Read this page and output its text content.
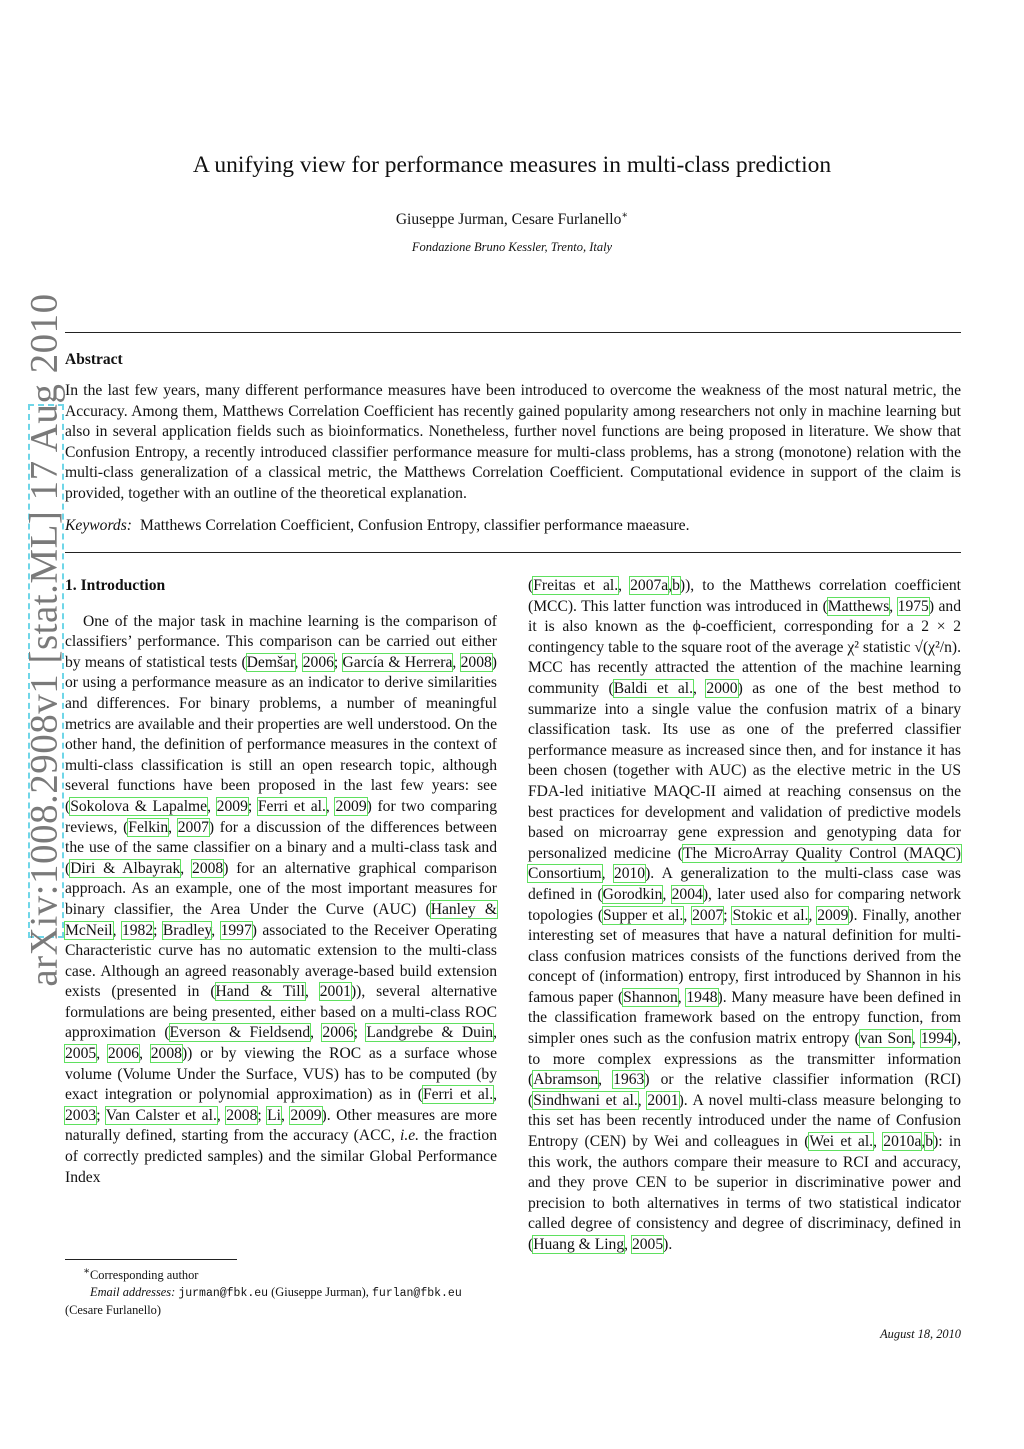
arXiv:1008.2908v1 [stat.ML] 17 Aug 2010
A unifying view for performance measures in multi-class prediction
Giuseppe Jurman, Cesare Furlanello∗
Fondazione Bruno Kessler, Trento, Italy
Abstract
In the last few years, many different performance measures have been introduced to overcome the weakness of the most natural metric, the Accuracy. Among them, Matthews Correlation Coefficient has recently gained popularity among researchers not only in machine learning but also in several application fields such as bioinformatics. Nonetheless, further novel functions are being proposed in literature. We show that Confusion Entropy, a recently introduced classifier performance measure for multi-class problems, has a strong (monotone) relation with the multi-class generalization of a classical metric, the Matthews Correlation Coefficient. Computational evidence in support of the claim is provided, together with an outline of the theoretical explanation.
Keywords: Matthews Correlation Coefficient, Confusion Entropy, classifier performance maeasure.
1. Introduction

One of the major task in machine learning is the comparison of classifiers’ performance. This comparison can be carried out either by means of statistical tests (Demšar, 2006; García & Herrera, 2008) or using a performance measure as an indicator to derive similarities and differences. For binary problems, a number of meaningful metrics are available and their properties are well understood. On the other hand, the definition of performance measures in the context of multi-class classification is still an open research topic, although several functions have been proposed in the last few years: see (Sokolova & Lapalme, 2009; Ferri et al., 2009) for two comparing reviews, (Felkin, 2007) for a discussion of the differences between the use of the same classifier on a binary and a multi-class task and (Diri & Albayrak, 2008) for an alternative graphical comparison approach. As an example, one of the most important measures for binary classifier, the Area Under the Curve (AUC) (Hanley & McNeil, 1982; Bradley, 1997) associated to the Receiver Operating Characteristic curve has no automatic extension to the multi-class case. Although an agreed reasonably average-based build extension exists (presented in (Hand & Till, 2001)), several alternative formulations are being presented, either based on a multi-class ROC approximation (Everson & Fieldsend, 2006; Landgrebe & Duin, 2005, 2006, 2008)) or by viewing the ROC as a surface whose volume (Volume Under the Surface, VUS) has to be computed (by exact integration or polynomial approximation) as in (Ferri et al., 2003; Van Calster et al., 2008; Li, 2009). Other measures are more naturally defined, starting from the accuracy (ACC, i.e. the fraction of correctly predicted samples) and the similar Global Performance Index

(Freitas et al., 2007a,b)), to the Matthews correlation coefficient (MCC). This latter function was introduced in (Matthews, 1975) and it is also known as the ϕ-coefficient, corresponding for a 2 × 2 contingency table to the square root of the average χ² statistic √(χ²/n). MCC has recently attracted the attention of the machine learning community (Baldi et al., 2000) as one of the best method to summarize into a single value the confusion matrix of a binary classification task. Its use as one of the preferred classifier performance measure as increased since then, and for instance it has been chosen (together with AUC) as the elective metric in the US FDA-led initiative MAQC-II aimed at reaching consensus on the best practices for development and validation of predictive models based on microarray gene expression and genotyping data for personalized medicine (The MicroArray Quality Control (MAQC) Consortium, 2010). A generalization to the multi-class case was defined in (Gorodkin, 2004), later used also for comparing network topologies (Supper et al., 2007; Stokic et al., 2009). Finally, another interesting set of measures that have a natural definition for multi-class confusion matrices consists of the functions derived from the concept of (information) entropy, first introduced by Shannon in his famous paper (Shannon, 1948). Many measure have been defined in the classification framework based on the entropy function, from simpler ones such as the confusion matrix entropy (van Son, 1994), to more complex expressions as the transmitter information (Abramson, 1963) or the relative classifier information (RCI) (Sindhwani et al., 2001). A novel multi-class measure belonging to this set has been recently introduced under the name of Confusion Entropy (CEN) by Wei and colleagues in (Wei et al., 2010a,b): in this work, the authors compare their measure to RCI and accuracy, and they prove CEN to be superior in discriminative power and precision to both alternatives in terms of two statistical indicator called degree of consistency and degree of discriminacy, defined in (Huang & Ling, 2005).

∗Corresponding author
Email addresses: jurman@fbk.eu (Giuseppe Jurman), furlan@fbk.eu
(Cesare Furlanello)
August 18, 2010
